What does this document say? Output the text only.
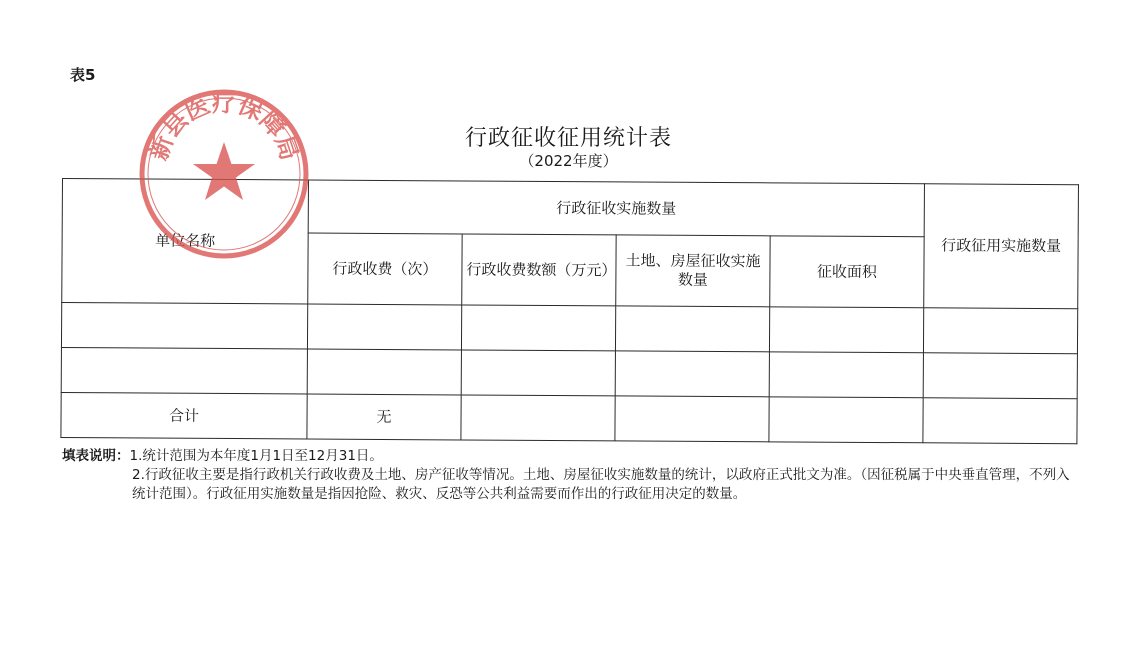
表5
行政征收征用统计表
（2022年度）
单位名称	行政征收实施数量				行政征用实施数量
	行政收费（次）	行政收费数额（万元）	土地、房屋征收实施数量	征收面积	

合计	无				
新县医疗保障局
填表说明：1.统计范围为本年度1月1日至12月31日。
2.行政征收主要是指行政机关行政收费及土地、房产征收等情况。土地、房屋征收实施数量的统计，以政府正式批文为准。（因征税属于中央垂直管理，不列入统计范围）。行政征用实施数量是指因抢险、救灾、反恐等公共利益需要而作出的行政征用决定的数量。
